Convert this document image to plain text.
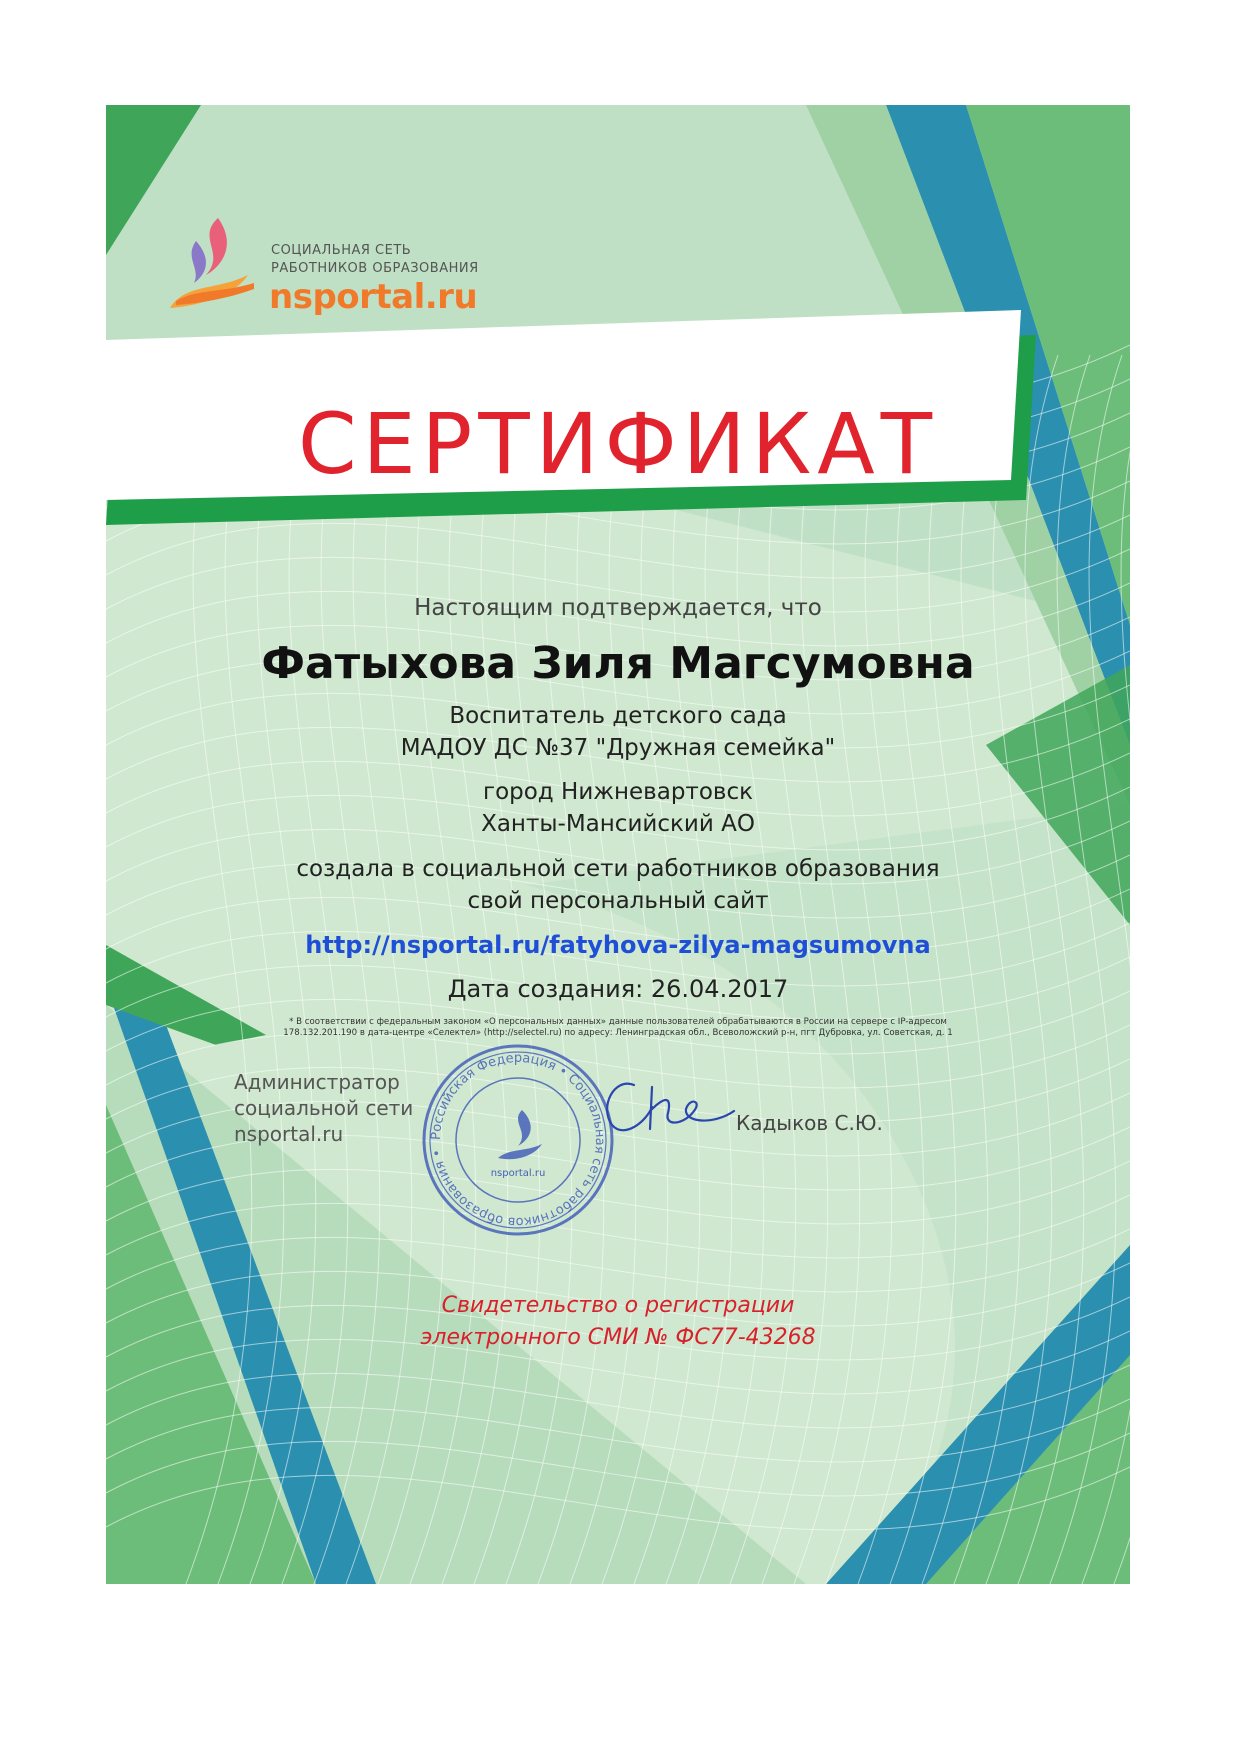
СОЦИАЛЬНАЯ СЕТЬ
РАБОТНИКОВ ОБРАЗОВАНИЯ
nsportal.ru
СЕРТИФИКАТ
Настоящим подтверждается, что
Фатыхова Зиля Магсумовна
Воспитатель детского сада
МАДОУ ДС №37 "Дружная семейка"
город Нижневартовск
Ханты-Мансийский АО
создала в социальной сети работников образования
свой персональный сайт
http://nsportal.ru/fatyhova-zilya-magsumovna
Дата создания: 26.04.2017
* В соответствии с федеральным законом «О персональных данных» данные пользователей обрабатываются в России на сервере с IP-адресом
178.132.201.190 в дата-центре «Селектел» (http://selectel.ru) по адресу: Ленинградская обл., Всеволожский р-н, пгт Дубровка, ул. Советская, д. 1
Администратор
социальной сети
nsportal.ru	Российская Федерация • Социальная сеть работников образования •
nsportal.ru
Кадыков С.Ю.
Свидетельство о регистрации
электронного СМИ № ФС77-43268
